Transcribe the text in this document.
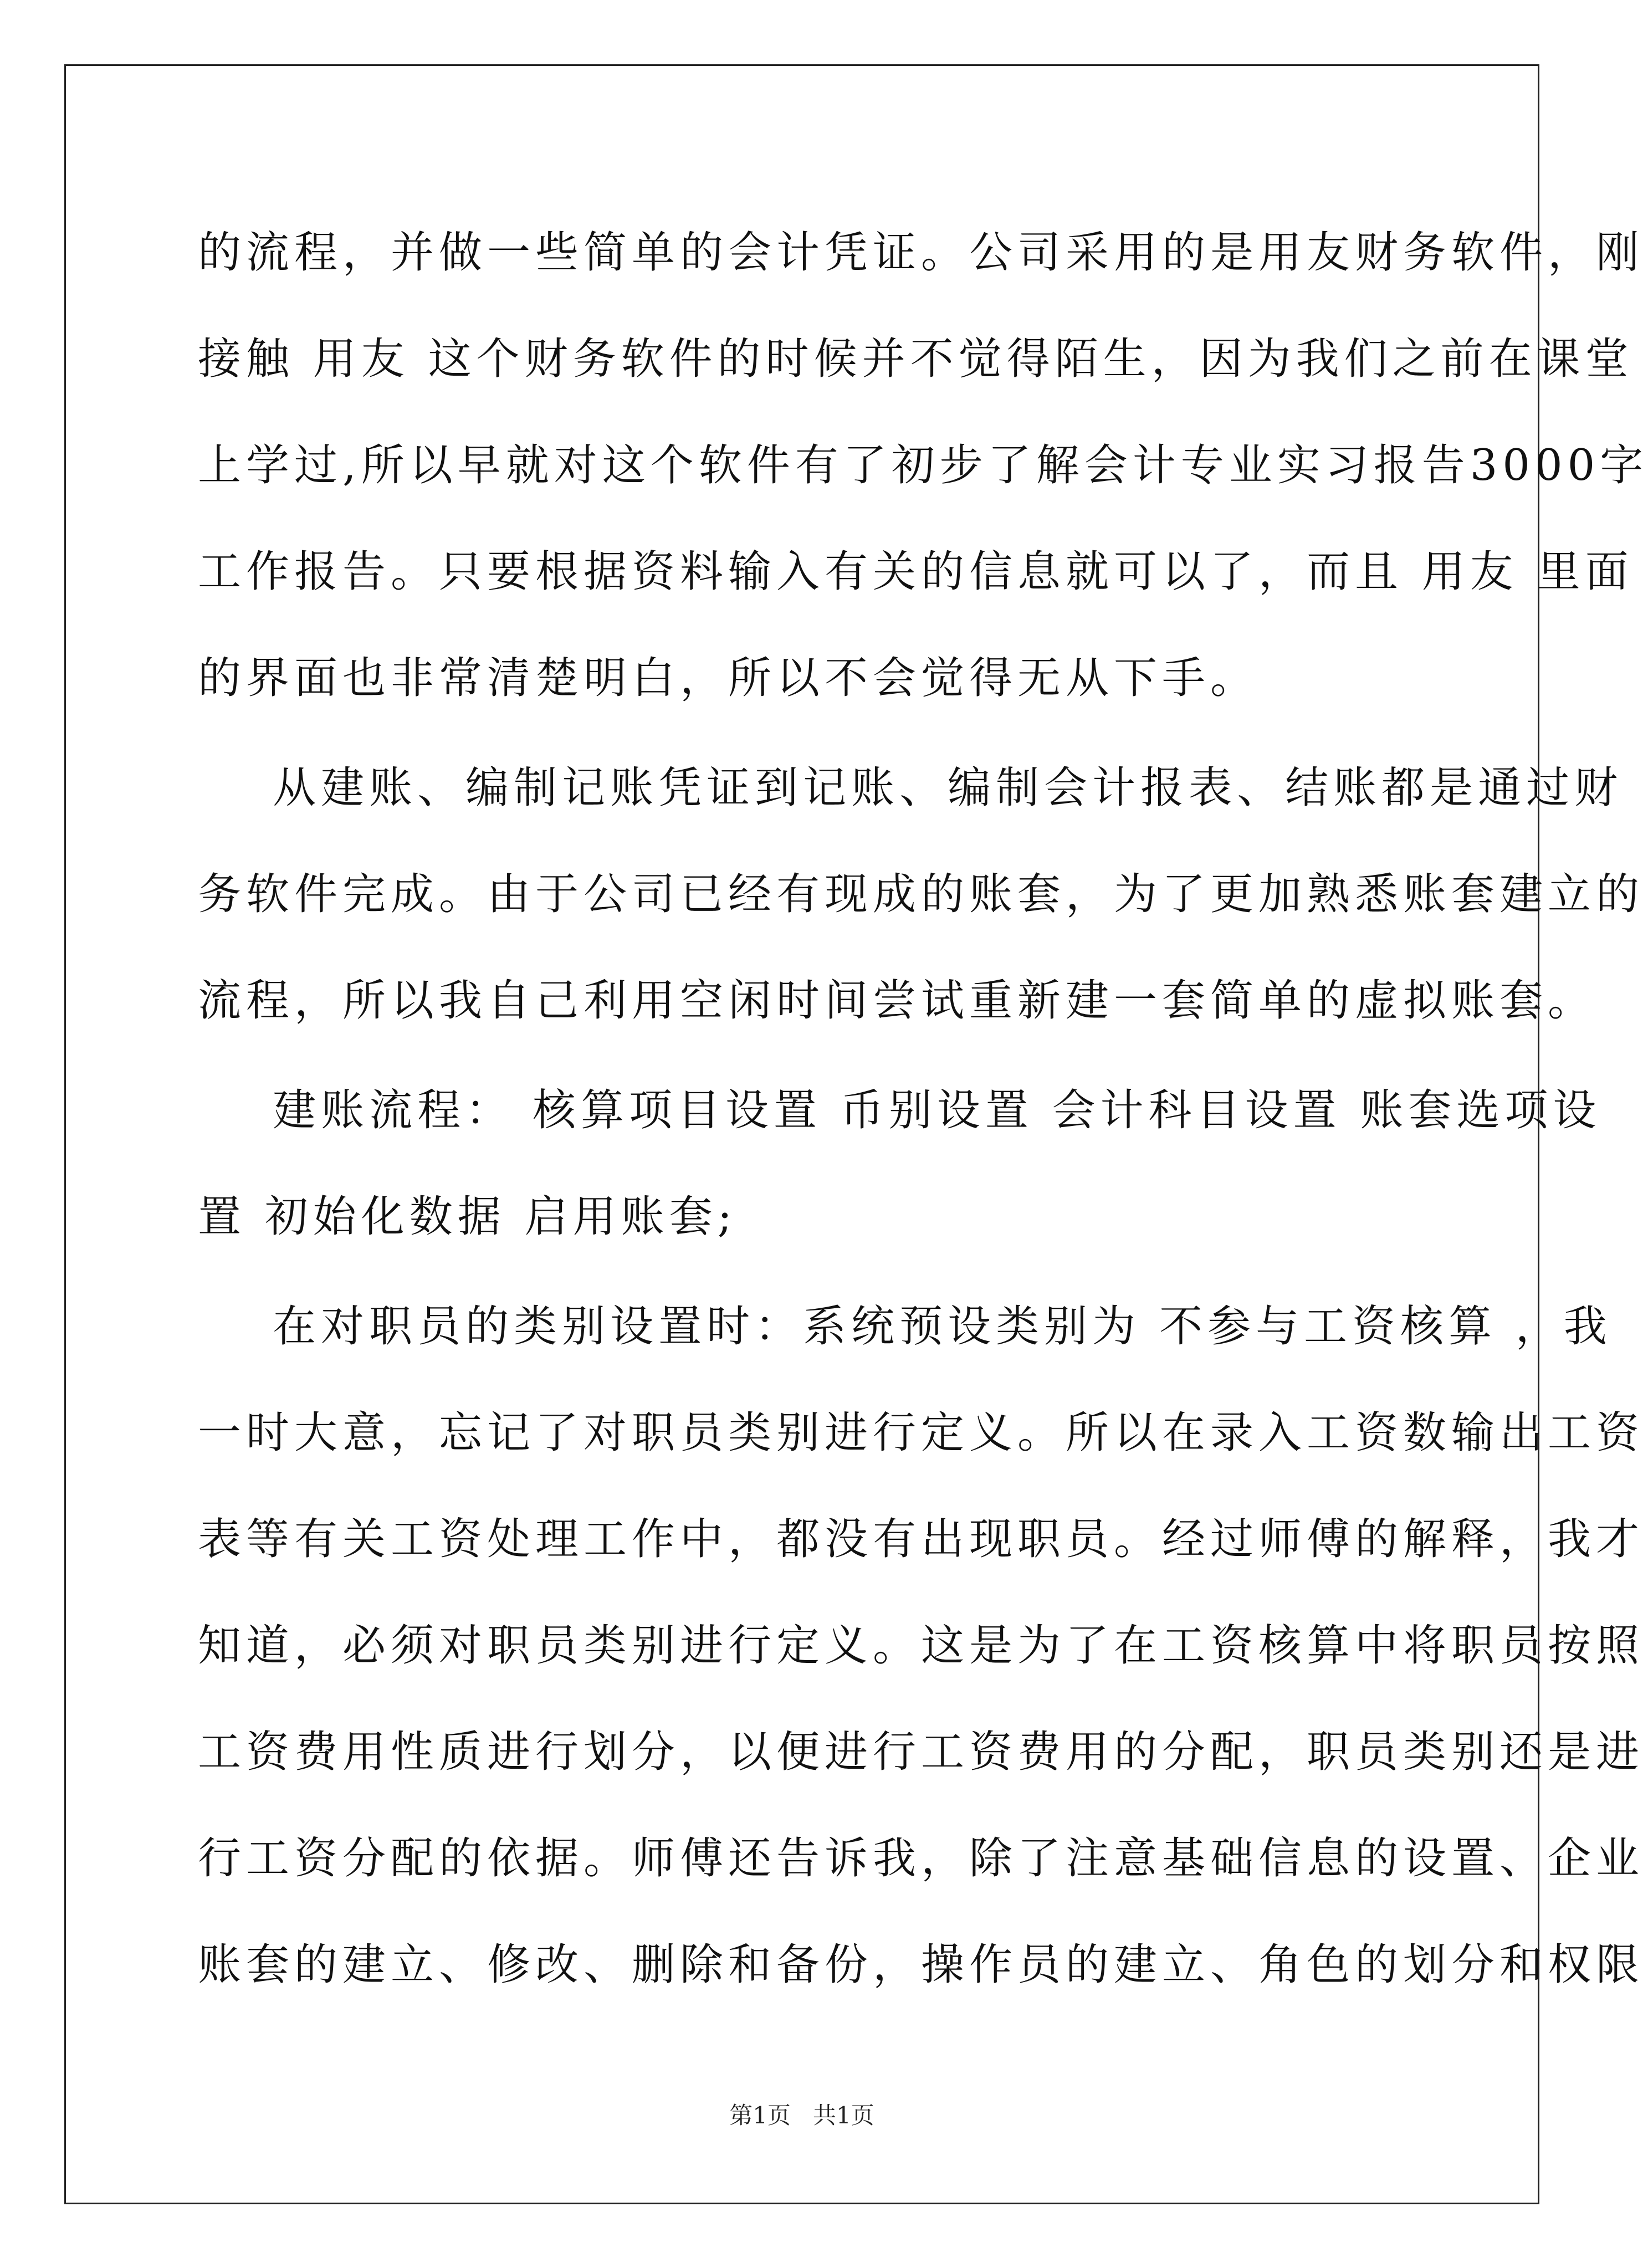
的流程，并做一些简单的会计凭证。公司采用的是用友财务软件，刚
接触 用友 这个财务软件的时候并不觉得陌生，因为我们之前在课堂
上学过,所以早就对这个软件有了初步了解会计专业实习报告3000字
工作报告。只要根据资料输入有关的信息就可以了，而且 用友 里面
的界面也非常清楚明白，所以不会觉得无从下手。

从建账、编制记账凭证到记账、编制会计报表、结账都是通过财
务软件完成。由于公司已经有现成的账套，为了更加熟悉账套建立的
流程，所以我自己利用空闲时间尝试重新建一套简单的虚拟账套。

建账流程： 核算项目设置 币别设置 会计科目设置 账套选项设
置 初始化数据 启用账套;

在对职员的类别设置时：系统预设类别为 不参与工资核算 ，我
一时大意，忘记了对职员类别进行定义。所以在录入工资数输出工资
表等有关工资处理工作中，都没有出现职员。经过师傅的解释，我才
知道，必须对职员类别进行定义。这是为了在工资核算中将职员按照
工资费用性质进行划分，以便进行工资费用的分配，职员类别还是进
行工资分配的依据。师傅还告诉我，除了注意基础信息的设置、企业
账套的建立、修改、删除和备份，操作员的建立、角色的划分和权限

第1页   共1页
